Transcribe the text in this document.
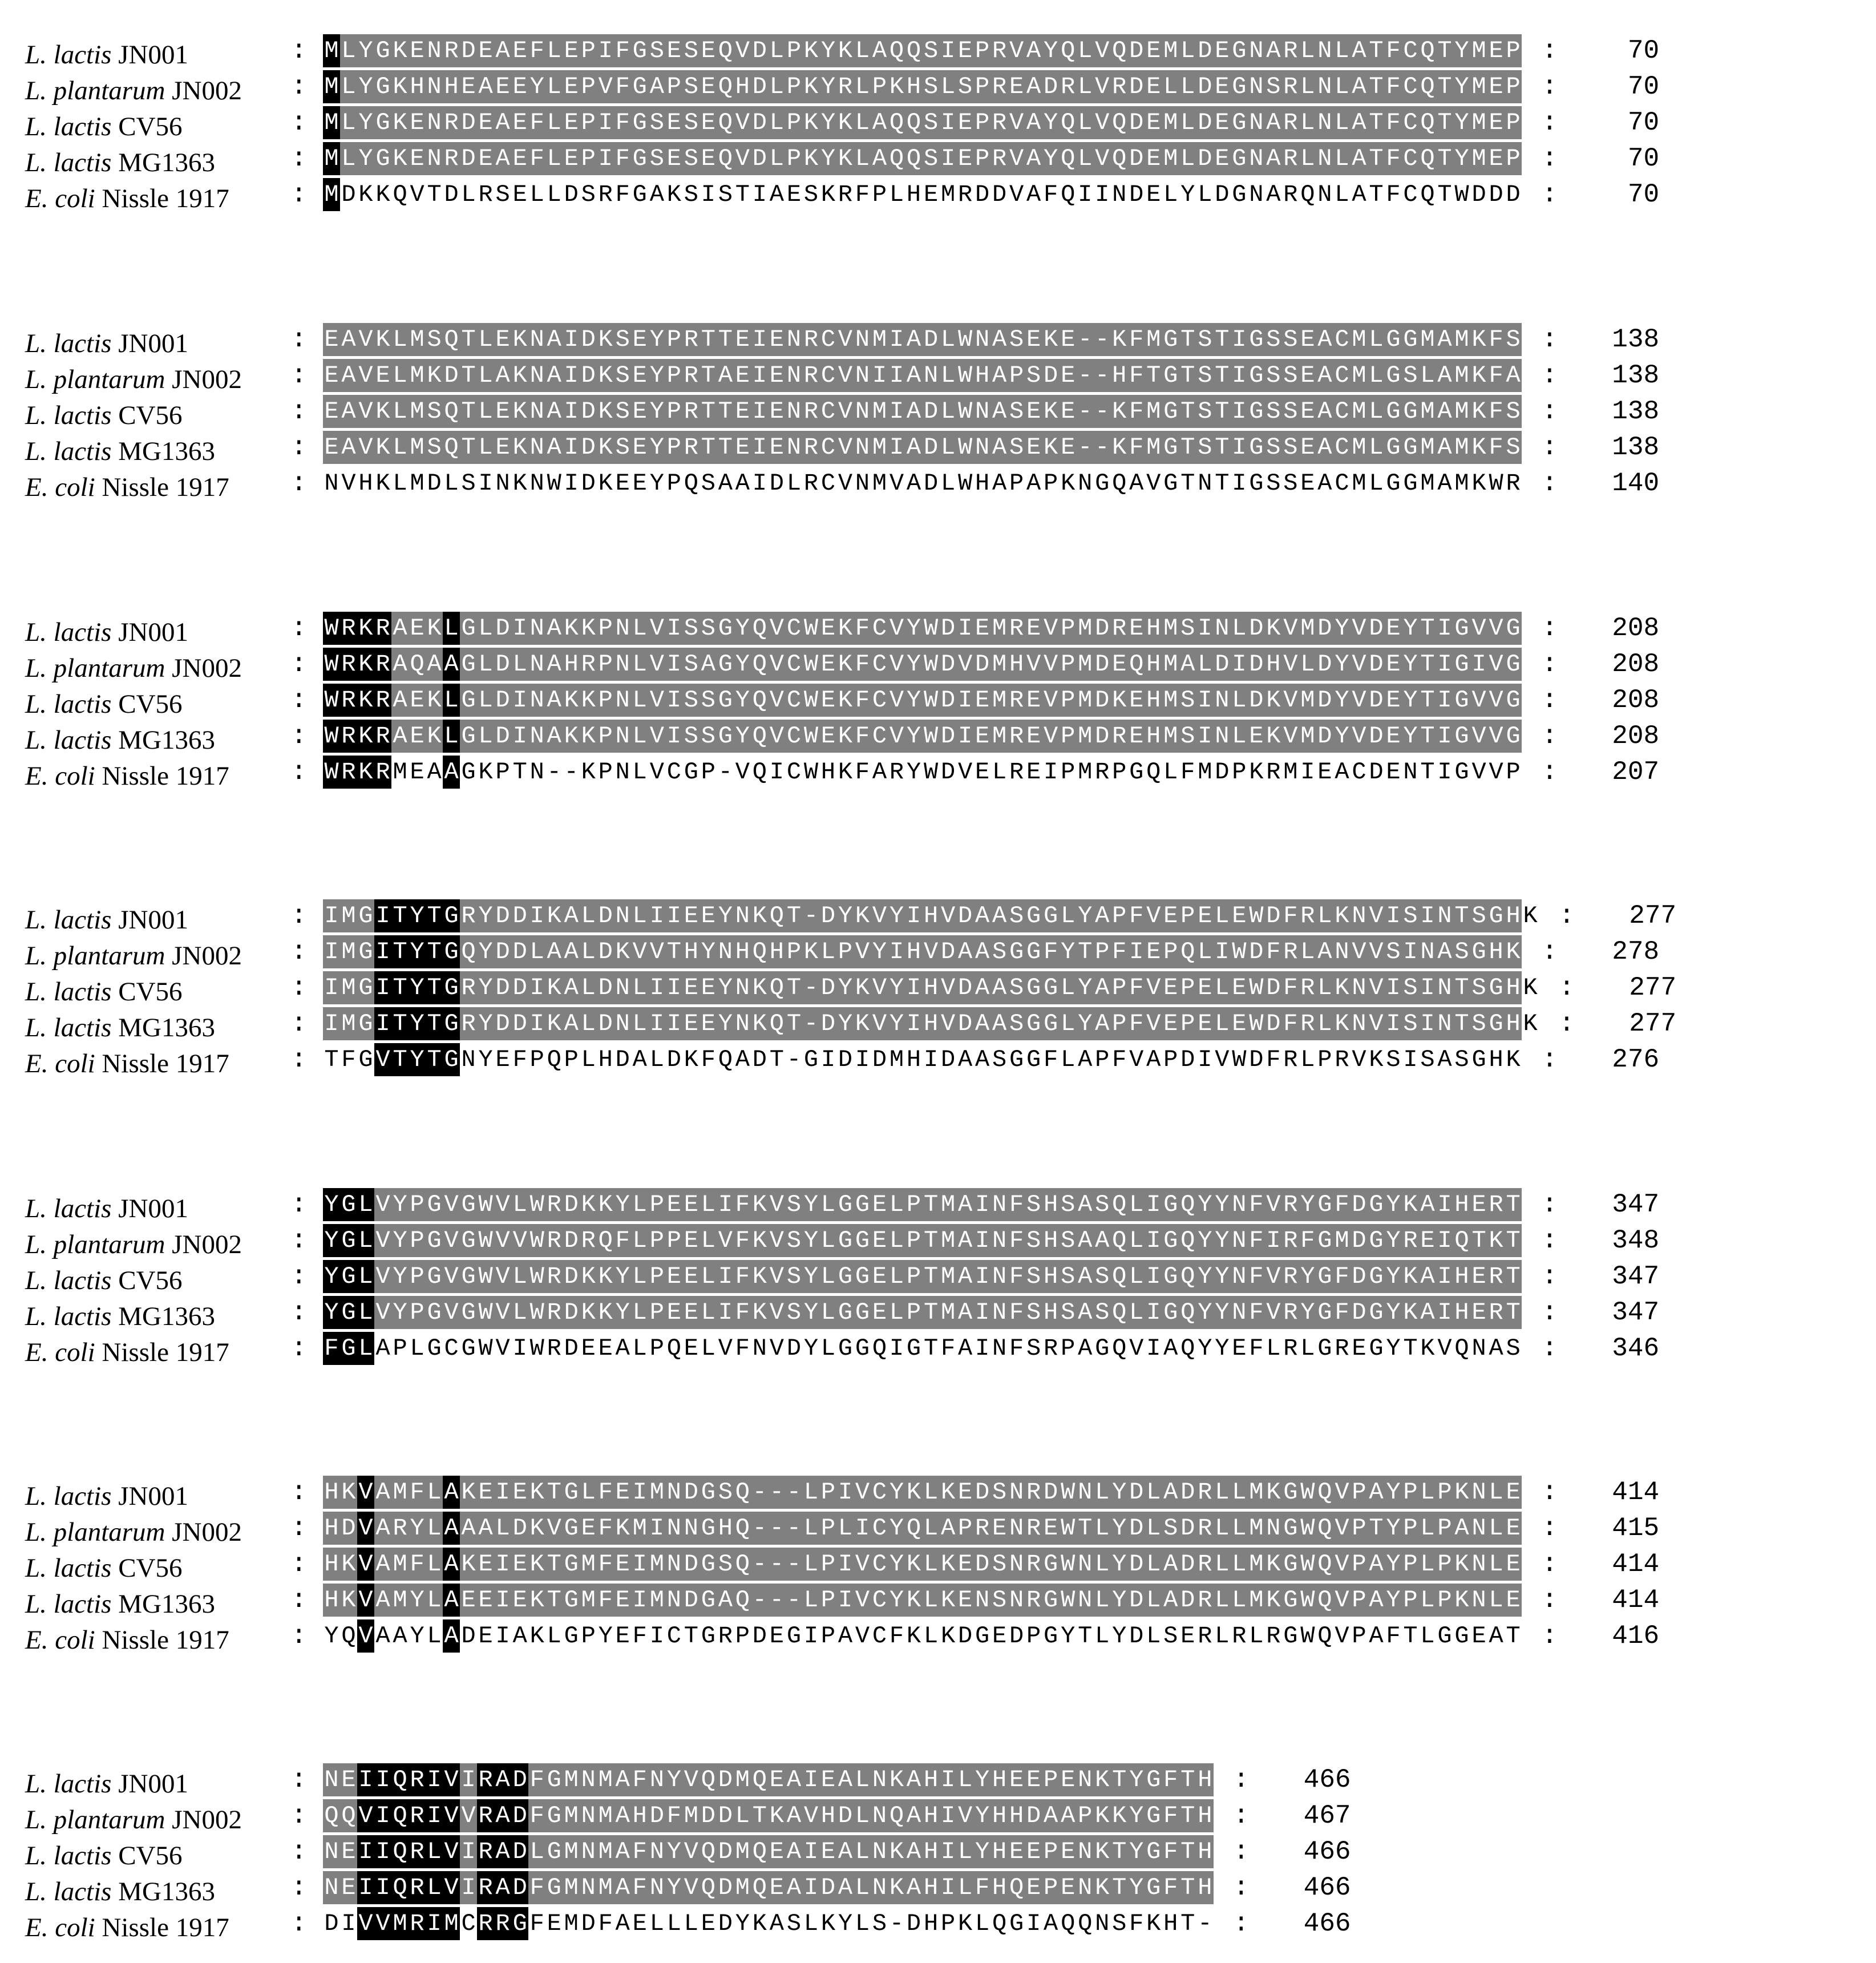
L. lactis JN001	: M L Y G K E N R D E A E F L E P I F G S E S E Q V D L P K Y K L A Q Q S I E P R V A Y Q L V Q D E M L D E G N A R L N L A T F C Q T Y M E P :	70
L. plantarum JN002 : M L Y G K H N H E A E E Y L E P V F G A P S E Q H D L P K Y R L P K H S L S P R E A D R L V R D E L L D E G N S R L N L A T F C Q T Y M E P :	70
L. lactis CV56	: M L Y G K E N R D E A E F L E P I F G S E S E Q V D L P K Y K L A Q Q S I E P R V A Y Q L V Q D E M L D E G N A R L N L A T F C Q T Y M E P :	70
L. lactis MG1363	: M L Y G K E N R D E A E F L E P I F G S E S E Q V D L P K Y K L A Q Q S I E P R V A Y Q L V Q D E M L D E G N A R L N L A T F C Q T Y M E P :	70
E. coli Nissle 1917 : M D K K Q V T D L R S E L L D S R F G A K S I S T I A E S K R F P L H E M R D D V A F Q I I N D E L Y L D G N A R Q N L A T F C Q T W D D D :	70
L. lactis JN001	: E A V K L M S Q T L E K N A I D K S E Y P R T T E I E N R C V N M I A D L W N A S E K E - - K F M G T S T I G S S E A C M L G G M A M K F S :	138
L. plantarum JN002 : E A V E L M K D T L A K N A I D K S E Y P R T A E I E N R C V N I I A N L W H A P S D E - - H F T G T S T I G S S E A C M L G S L A M K F A :	138
L. lactis CV56	: E A V K L M S Q T L E K N A I D K S E Y P R T T E I E N R C V N M I A D L W N A S E K E - - K F M G T S T I G S S E A C M L G G M A M K F S :	138
L. lactis MG1363	: E A V K L M S Q T L E K N A I D K S E Y P R T T E I E N R C V N M I A D L W N A S E K E - - K F M G T S T I G S S E A C M L G G M A M K F S :	138
E. coli Nissle 1917 : N V H K L M D L S I N K N W I D K E E Y P Q S A A I D L R C V N M V A D L W H A P A P K N G Q A V G T N T I G S S E A C M L G G M A M K W R :	140
L. lactis JN001	: W R K R A E K L G L D I N A K K P N L V I S S G Y Q V C W E K F C V Y W D I E M R E V P M D R E H M S I N L D K V M D Y V D E Y T I G V V G :	208
L. plantarum JN002 : W R K R A Q A A G L D L N A H R P N L V I S A G Y Q V C W E K F C V Y W D V D M H V V P M D E Q H M A L D I D H V L D Y V D E Y T I G I V G :	208
L. lactis CV56	: W R K R A E K L G L D I N A K K P N L V I S S G Y Q V C W E K F C V Y W D I E M R E V P M D K E H M S I N L D K V M D Y V D E Y T I G V V G :	208
L. lactis MG1363	: W R K R A E K L G L D I N A K K P N L V I S S G Y Q V C W E K F C V Y W D I E M R E V P M D R E H M S I N L E K V M D Y V D E Y T I G V V G :	208
E. coli Nissle 1917 : W R K R M E A A G K P T N - - K P N L V C G P - V Q I C W H K F A R Y W D V E L R E I P M R P G Q L F M D P K R M I E A C D E N T I G V V P :	207
L. lactis JN001	: I M G I T Y T G R Y D D I K A L D N L I I E E Y N K Q T - D Y K V Y I H V D A A S G G L Y A P F V E P E L E W D F R L K N V I S I N T S G H K :	277
L. plantarum JN002 : I M G I T Y T G Q Y D D L A A L D K V V T H Y N H Q H P K L P V Y I H V D A A S G G F Y T P F I E P Q L I W D F R L A N V V S I N A S G H K :	278
L. lactis CV56	: I M G I T Y T G R Y D D I K A L D N L I I E E Y N K Q T - D Y K V Y I H V D A A S G G L Y A P F V E P E L E W D F R L K N V I S I N T S G H K :	277
L. lactis MG1363	: I M G I T Y T G R Y D D I K A L D N L I I E E Y N K Q T - D Y K V Y I H V D A A S G G L Y A P F V E P E L E W D F R L K N V I S I N T S G H K :	277
E. coli Nissle 1917 : T F G V T Y T G N Y E F P Q P L H D A L D K F Q A D T - G I D I D M H I D A A S G G F L A P F V A P D I V W D F R L P R V K S I S A S G H K :	276
L. lactis JN001	: Y G L V Y P G V G W V L W R D K K Y L P E E L I F K V S Y L G G E L P T M A I N F S H S A S Q L I G Q Y Y N F V R Y G F D G Y K A I H E R T :	347
L. plantarum JN002 : Y G L V Y P G V G W V V W R D R Q F L P P E L V F K V S Y L G G E L P T M A I N F S H S A A Q L I G Q Y Y N F I R F G M D G Y R E I Q T K T :	348
L. lactis CV56	: Y G L V Y P G V G W V L W R D K K Y L P E E L I F K V S Y L G G E L P T M A I N F S H S A S Q L I G Q Y Y N F V R Y G F D G Y K A I H E R T :	347
L. lactis MG1363	: Y G L V Y P G V G W V L W R D K K Y L P E E L I F K V S Y L G G E L P T M A I N F S H S A S Q L I G Q Y Y N F V R Y G F D G Y K A I H E R T :	347
E. coli Nissle 1917 : F G L A P L G C G W V I W R D E E A L P Q E L V F N V D Y L G G Q I G T F A I N F S R P A G Q V I A Q Y Y E F L R L G R E G Y T K V Q N A S :	346
L. lactis JN001	: H K V A M F L A K E I E K T G L F E I M N D G S Q - - - L P I V C Y K L K E D S N R D W N L Y D L A D R L L M K G W Q V P A Y P L P K N L E :	414
L. plantarum JN002 : H D V A R Y L A A A L D K V G E F K M I N N G H Q - - - L P L I C Y Q L A P R E N R E W T L Y D L S D R L L M N G W Q V P T Y P L P A N L E :	415
L. lactis CV56	: H K V A M F L A K E I E K T G M F E I M N D G S Q - - - L P I V C Y K L K E D S N R G W N L Y D L A D R L L M K G W Q V P A Y P L P K N L E :	414
L. lactis MG1363	: H K V A M Y L A E E I E K T G M F E I M N D G A Q - - - L P I V C Y K L K E N S N R G W N L Y D L A D R L L M K G W Q V P A Y P L P K N L E :	414
E. coli Nissle 1917 : Y Q V A A Y L A D E I A K L G P Y E F I C T G R P D E G I P A V C F K L K D G E D P G Y T L Y D L S E R L R L R G W Q V P A F T L G G E A T :	416
L. lactis JN001	: N E I I Q R I V I R A D F G M N M A F N Y V Q D M Q E A I E A L N K A H I L Y H E E P E N K T Y G F T H :	466
L. plantarum JN002 : Q Q V I Q R I V V R A D F G M N M A H D F M D D L T K A V H D L N Q A H I V Y H H D A A P K K Y G F T H :	467
L. lactis CV56	: N E I I Q R L V I R A D L G M N M A F N Y V Q D M Q E A I E A L N K A H I L Y H E E P E N K T Y G F T H :	466
L. lactis MG1363	: N E I I Q R L V I R A D F G M N M A F N Y V Q D M Q E A I D A L N K A H I L F H Q E P E N K T Y G F T H :	466
E. coli Nissle 1917 : D I V V M R I M C R R G F E M D F A E L L L E D Y K A S L K Y L S - D H P K L Q G I A Q Q N S F K H T - :	466
